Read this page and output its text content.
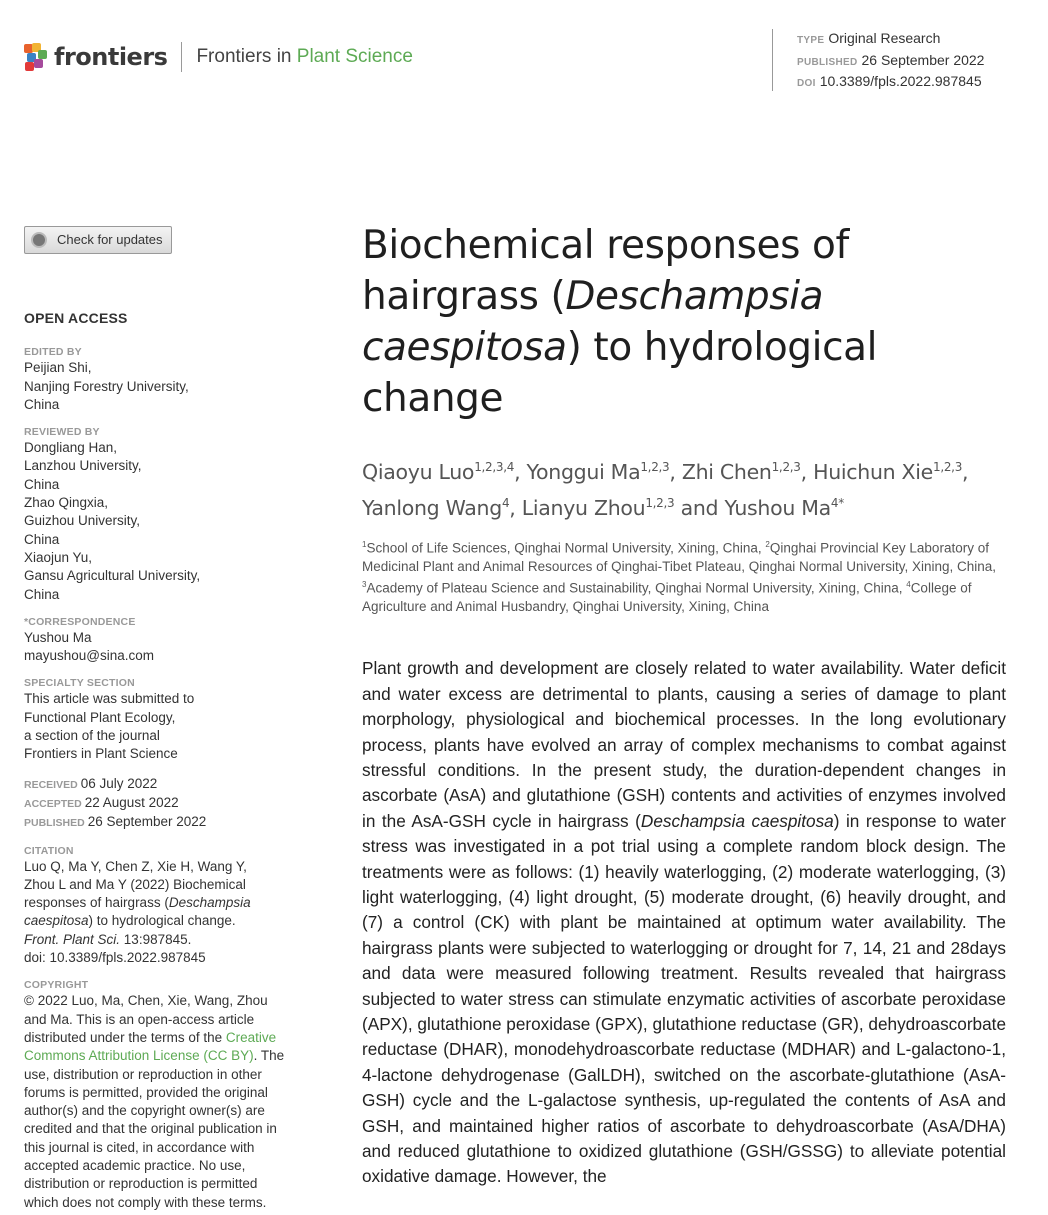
frontiers Frontiers in Plant Science
TYPE Original Research
PUBLISHED 26 September 2022
DOI 10.3389/fpls.2022.987845
Check for updates
OPEN ACCESS
EDITED BY
Peijian Shi,
Nanjing Forestry University,
China
REVIEWED BY
Dongliang Han,
Lanzhou University,
China
Zhao Qingxia,
Guizhou University,
China
Xiaojun Yu,
Gansu Agricultural University,
China
*CORRESPONDENCE
Yushou Ma
mayushou@sina.com
SPECIALTY SECTION
This article was submitted to
Functional Plant Ecology,
a section of the journal
Frontiers in Plant Science
RECEIVED 06 July 2022
ACCEPTED 22 August 2022
PUBLISHED 26 September 2022
CITATION
Luo Q, Ma Y, Chen Z, Xie H, Wang Y,
Zhou L and Ma Y (2022) Biochemical
responses of hairgrass (Deschampsia
caespitosa) to hydrological change.
Front. Plant Sci. 13:987845.
doi: 10.3389/fpls.2022.987845
COPYRIGHT
© 2022 Luo, Ma, Chen, Xie, Wang, Zhou
and Ma. This is an open-access article
distributed under the terms of the Creative
Commons Attribution License (CC BY). The
use, distribution or reproduction in other
forums is permitted, provided the original
author(s) and the copyright owner(s) are
credited and that the original publication in
this journal is cited, in accordance with
accepted academic practice. No use,
distribution or reproduction is permitted
which does not comply with these terms.
Biochemical responses of
hairgrass (Deschampsia
caespitosa) to hydrological
change
Qiaoyu Luo$^{1,2,3,4}$, Yonggui Ma$^{1,2,3}$, Zhi Chen$^{1,2,3}$, Huichun Xie$^{1,2,3}$,
Yanlong Wang$^4$, Lianyu Zhou$^{1,2,3}$ and Yushou $Ma^{4*}$
$^1$School of Life Sciences, Qinghai Normal University, Xining, China, $^2$Qinghai Provincial Key Laboratory of Medicinal Plant and Animal Resources of Qinghai-Tibet Plateau, Qinghai Normal University, Xining, China, $^3$Academy of Plateau Science and Sustainability, Qinghai Normal University, Xining, China, $^4$College of Agriculture and Animal Husbandry, Qinghai University, Xining, China
Plant growth and development are closely related to water availability. Water deficit and water excess are detrimental to plants, causing a series of damage to plant morphology, physiological and biochemical processes. In the long evolutionary process, plants have evolved an array of complex mechanisms to combat against stressful conditions. In the present study, the duration-dependent changes in ascorbate (AsA) and glutathione (GSH) contents and activities of enzymes involved in the AsA-GSH cycle in hairgrass (Deschampsia caespitosa) in response to water stress was investigated in a pot trial using a complete random block design. The treatments were as follows: (1) heavily waterlogging, (2) moderate waterlogging, (3) light waterlogging, (4) light drought, (5) moderate drought, (6) heavily drought, and (7) a control (CK) with plant be maintained at optimum water availability. The hairgrass plants were subjected to waterlogging or drought for 7, 14, 21 and 28days and data were measured following treatment. Results revealed that hairgrass subjected to water stress can stimulate enzymatic activities of ascorbate peroxidase (APX), glutathione peroxidase (GPX), glutathione reductase (GR), dehydroascorbate reductase (DHAR), monodehydroascorbate reductase (MDHAR) and L-galactono-1, 4-lactone dehydrogenase (GalLDH), switched on the ascorbate-glutathione (AsA-GSH) cycle and the L-galactose synthesis, up-regulated the contents of AsA and GSH, and maintained higher ratios of ascorbate to dehydroascorbate (AsA/DHA) and reduced glutathione to oxidized glutathione (GSH/GSSG) to alleviate potential oxidative damage. However, the
